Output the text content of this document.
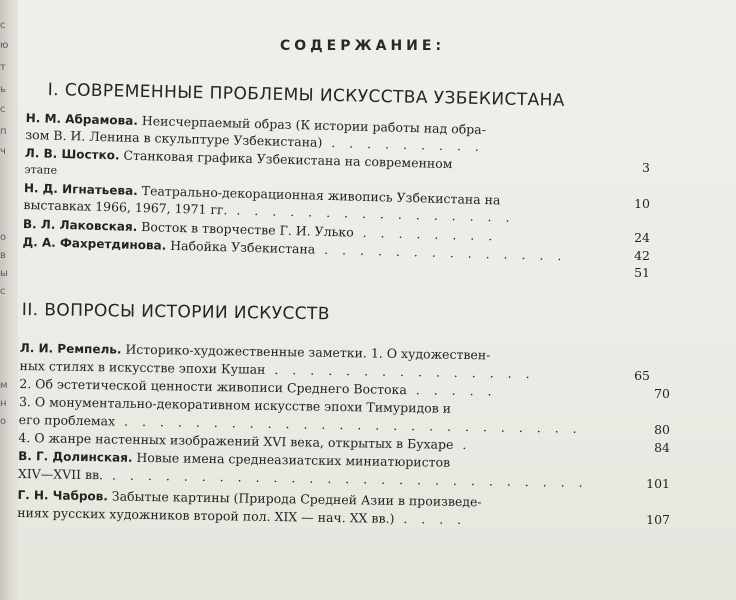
с
ю
т
ь
с
п
ч
о
в
ы
с
м
н
о
СОДЕРЖАНИЕ:
I. СОВРЕМЕННЫЕ ПРОБЛЕМЫ ИСКУССТВА УЗБЕКИСТАНА
Н. М. Абрамова. Неисчерпаемый образ (К истории работы над обра-
зом В. И. Ленина в скульптуре Узбекистана) . . . . . . . . .
Л. В. Шостко. Станковая графика Узбекистана на современном
этапе
Н. Д. Игнатьева. Театрально-декорационная живопись Узбекистана на
выставках 1966, 1967, 1971 гг. . . . . . . . . . . . . . . . .
В. Л. Лаковская. Восток в творчестве Г. И. Улько . . . . . . . .
Д. А. Фахретдинова. Набойка Узбекистана . . . . . . . . . . . . . .
3
10
24
42
51
II. ВОПРОСЫ ИСТОРИИ ИСКУССТВ
Л. И. Ремпель. Историко-художественные заметки. 1. О художествен-
ных стилях в искусстве эпохи Кушан . . . . . . . . . . . . . . .
2. Об эстетической ценности живописи Среднего Востока . . . . .
3. О монументально-декоративном искусстве эпохи Тимуридов и
его проблемах . . . . . . . . . . . . . . . . . . . . . . . . . .
4. О жанре настенных изображений XVI века, открытых в Бухаре .
В. Г. Долинская. Новые имена среднеазиатских миниатюристов
XIV—XVII вв. . . . . . . . . . . . . . . . . . . . . . . . . . . .
Г. Н. Чабров. Забытые картины (Природа Средней Азии в произведе-
ниях русских художников второй пол. XIX — нач. XX вв.) . . . .
65
70
80
84
101
107
